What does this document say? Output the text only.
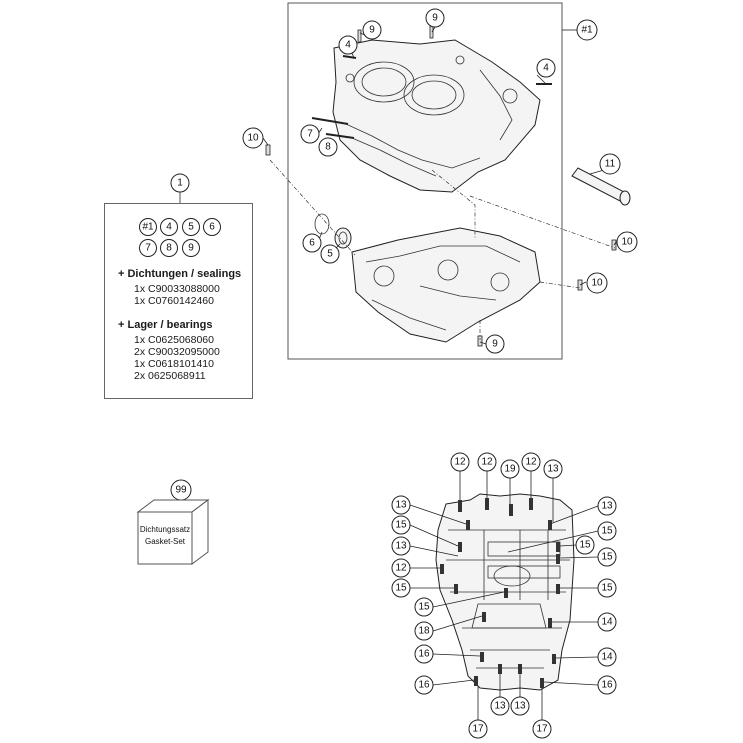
9
9
4
4
#1
10	7
8
11
6
5
10
10
9
1
99
Dichtungssatz
Gasket-Set
12 12
19
12
13
13	13
15
15
13
12
15
15
15	15
15
14
18
16	14
16	16
13 13
17	17
#1 4 5 6
7 8 9
+ Dichtungen / sealings
1x C90033088000
1x C0760142460
+ Lager / bearings
1x C0625068060
2x C90032095000
1x C0618101410
2x 0625068911
